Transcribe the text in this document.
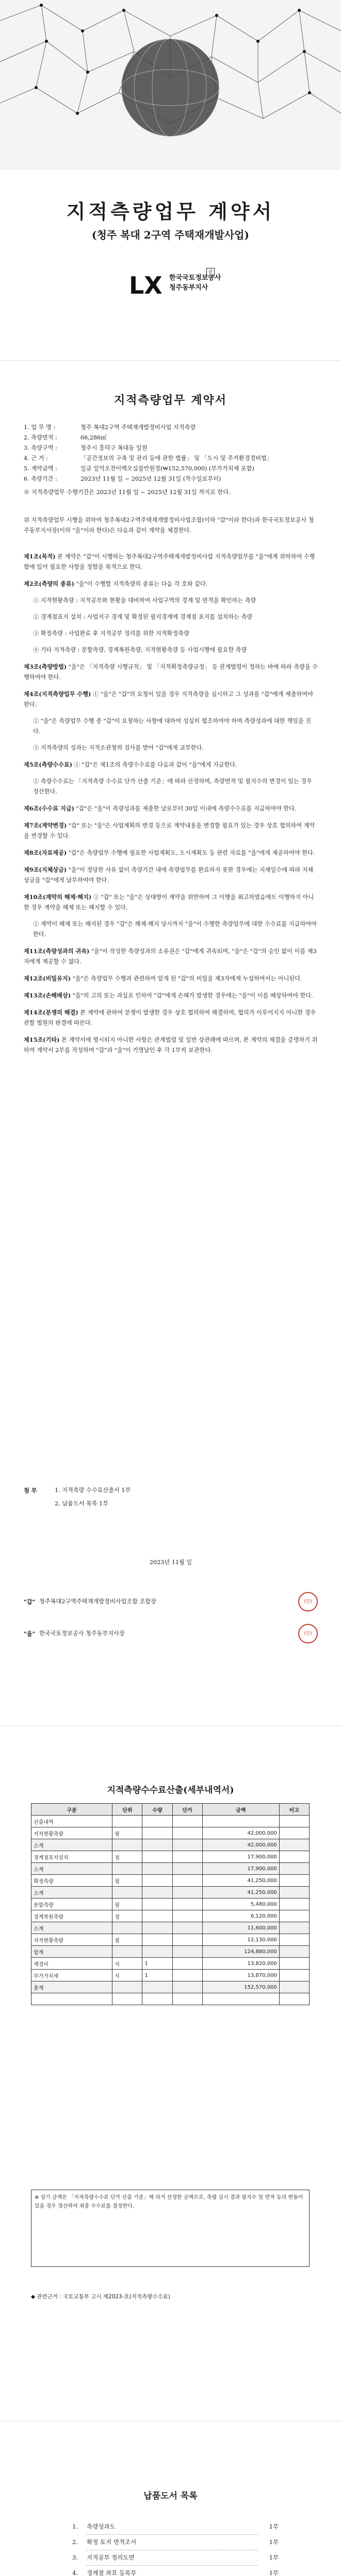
지적측량업무 계약서
(청주 복대 2구역 주택재개발사업)
LX	공
한국국토정보공사
청주동부지사
지적측량업무 계약서
1. 업 무 명 :	청주 복대2구역 주택재개발정비사업 지적측량
2. 측량면적 :	66,286㎡
3. 측량구역 :	청주시 흥덕구 복대동 일원
4. 근 거 :	「공간정보의 구축 및 관리 등에 관한 법률」 및 「도시 및 주거환경정비법」
5. 계약금액 :	일금 일억오천이백오십칠만원정(₩152,570,000) (부가가치세 포함)
6. 측량기간 :	2023년 11월 일 ~ 2025년 12월 31일 (착수일로부터)
※ 지적측량업무 수행기간은 2023년 11월 일 ~ 2025년 12월 31일 까지로 한다.
위 지적측량업무 시행을 위하여 청주복대2구역주택재개발정비사업조합(이하 "갑"이라 한다)과 한국국토정보공사 청주동부지사장(이하 "을"이라 한다)은 다음과 같이 계약을 체결한다.
제1조(목적) 본 계약은 "갑"이 시행하는 청주복대2구역주택재개발정비사업 지적측량업무를 "을"에게 위탁하여 수행함에 있어 필요한 사항을 정함을 목적으로 한다.
제2조(측량의 종류) "을"이 수행할 지적측량의 종류는 다음 각 호와 같다.
① 지적현황측량 : 지적공부와 현황을 대비하여 사업구역의 경계 및 면적을 확인하는 측량
② 경계점표지 설치 : 사업지구 경계 및 확정된 필지경계에 경계점 표지를 설치하는 측량
③ 확정측량 : 사업완료 후 지적공부 정리를 위한 지적확정측량
④ 기타 지적측량 : 분할측량, 경계복원측량, 지적현황측량 등 사업시행에 필요한 측량
제3조(측량방법) "을"은 「지적측량 시행규칙」 및 「지적확정측량규정」 등 관계법령이 정하는 바에 따라 측량을 수행하여야 한다.
제4조(지적측량업무 수행) ① "을"은 "갑"의 요청이 있을 경우 지적측량을 실시하고 그 성과를 "갑"에게 제출하여야 한다.
② "을"은 측량업무 수행 중 "갑"이 요청하는 사항에 대하여 성실히 협조하여야 하며 측량성과에 대한 책임을 진다.
③ 지적측량의 성과는 지적소관청의 검사를 받아 "갑"에게 교부한다.
제5조(측량수수료) ① "갑"은 제1조의 측량수수료를 다음과 같이 "을"에게 지급한다.
② 측량수수료는 「지적측량 수수료 단가 산출 기준」에 따라 산정하며, 측량면적 및 필지수의 변경이 있는 경우 정산한다.
제6조(수수료 지급) "갑"은 "을"이 측량성과를 제출한 날로부터 30일 이내에 측량수수료를 지급하여야 한다.
제7조(계약변경) "갑" 또는 "을"은 사업계획의 변경 등으로 계약내용을 변경할 필요가 있는 경우 상호 협의하여 계약을 변경할 수 있다.
제8조(자료제공) "갑"은 측량업무 수행에 필요한 사업계획도, 도시계획도 등 관련 자료를 "을"에게 제공하여야 한다.
제9조(지체상금) "을"이 정당한 사유 없이 측량기간 내에 측량업무를 완료하지 못한 경우에는 지체일수에 따라 지체상금을 "갑"에게 납부하여야 한다.
제10조(계약의 해제·해지) ① "갑" 또는 "을"은 상대방이 계약을 위반하여 그 이행을 최고하였음에도 이행하지 아니한 경우 계약을 해제 또는 해지할 수 있다.
② 계약이 해제 또는 해지된 경우 "갑"은 해제·해지 당시까지 "을"이 수행한 측량업무에 대한 수수료를 지급하여야 한다.
제11조(측량성과의 귀속) "을"이 작성한 측량성과의 소유권은 "갑"에게 귀속되며, "을"은 "갑"의 승인 없이 이를 제3자에게 제공할 수 없다.
제12조(비밀유지) "을"은 측량업무 수행과 관련하여 알게 된 "갑"의 비밀을 제3자에게 누설하여서는 아니된다.
제13조(손해배상) "을"의 고의 또는 과실로 인하여 "갑"에게 손해가 발생한 경우에는 "을"이 이를 배상하여야 한다.
제14조(분쟁의 해결) 본 계약에 관하여 분쟁이 발생한 경우 상호 협의하여 해결하며, 협의가 이루어지지 아니한 경우 관할 법원의 판결에 따른다.
제15조(기타) 본 계약서에 명시되지 아니한 사항은 관계법령 및 일반 상관례에 따르며, 본 계약의 체결을 증명하기 위하여 계약서 2부를 작성하여 "갑"과 "을"이 기명날인 후 각 1부씩 보관한다.
첨 부	1. 지적측량 수수료산출서 1부
2. 납품도서 목록 1부
2023년 11월 일
"갑" 청주복대2구역주택재개발정비사업조합 조합장	(인)
"을" 한국국토정보공사 청주동부지사장	(인)
지적측량수수료산출(세부내역서)
구분	단위	수량	단가	금액	비고
산출내역					
지적현황측량	필			42,000,000	
소계				42,000,000	
경계점표지설치	점			17,900,000	
소계				17,900,000	
확정측량	필			41,250,000	
소계				41,250,000	
분할측량	필			5,480,000	
경계복원측량	점			6,120,000	
소계				11,600,000	
지적현황측량	필			12,130,000	
합계				124,880,000	
제경비	식	1		13,820,000	
부가가치세	식	1		13,870,000	
총계				152,570,000	

※ 상기 금액은 「지적측량수수료 단가 산출 기준」에 의거 산정한 금액으로, 측량 실시 결과 필지수 및 면적 등의 변동이 있을 경우 정산하여 최종 수수료를 결정한다.
◆ 관련근거 : 국토교통부 고시 제2023-호(지적측량수수료)
납품도서 목록
1.	측량성과도	1부
2.	확정 토지 면적조서	1부
3.	지적공부 정리도면	1부
4.	경계점 좌표 등록부	1부
